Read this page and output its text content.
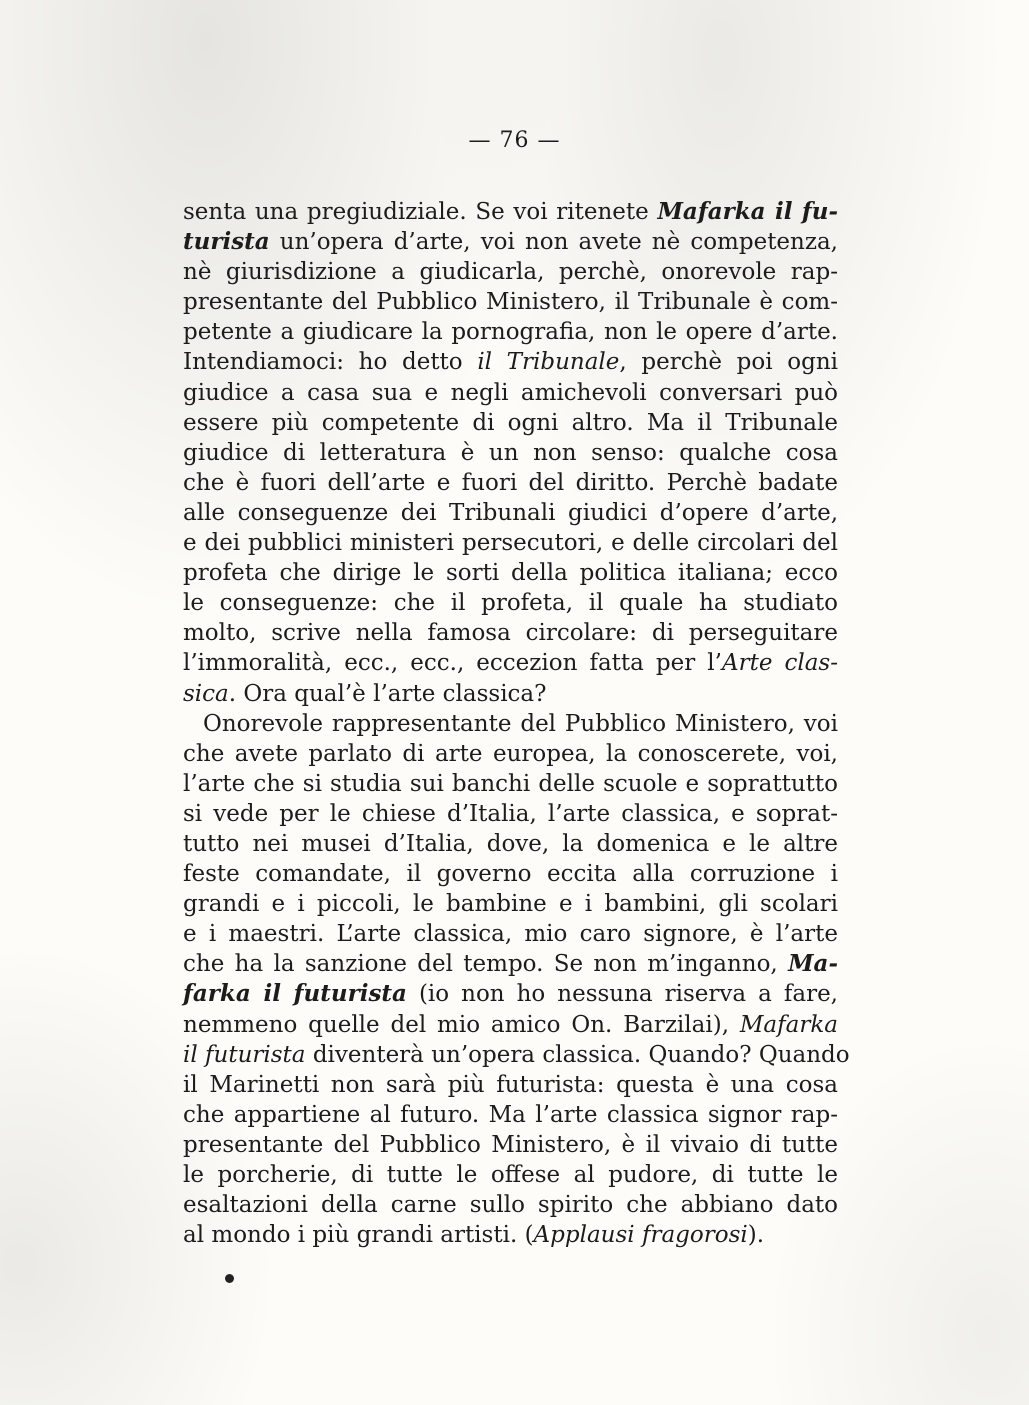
— 76 —
senta una pregiudiziale. Se voi ritenete Mafarka il fu-
turista un’opera d’arte, voi non avete nè competenza,
nè giurisdizione a giudicarla, perchè, onorevole rap-
presentante del Pubblico Ministero, il Tribunale è com-
petente a giudicare la pornografia, non le opere d’arte.
Intendiamoci: ho detto il Tribunale, perchè poi ogni
giudice a casa sua e negli amichevoli conversari può
essere più competente di ogni altro. Ma il Tribunale
giudice di letteratura è un non senso: qualche cosa
che è fuori dell’arte e fuori del diritto. Perchè badate
alle conseguenze dei Tribunali giudici d’opere d’arte,
e dei pubblici ministeri persecutori, e delle circolari del
profeta che dirige le sorti della politica italiana; ecco
le conseguenze: che il profeta, il quale ha studiato
molto, scrive nella famosa circolare: di perseguitare
l’immoralità, ecc., ecc., eccezion fatta per l’Arte clas-
sica. Ora qual’è l’arte classica?
Onorevole rappresentante del Pubblico Ministero, voi
che avete parlato di arte europea, la conoscerete, voi,
l’arte che si studia sui banchi delle scuole e soprattutto
si vede per le chiese d’Italia, l’arte classica, e soprat-
tutto nei musei d’Italia, dove, la domenica e le altre
feste comandate, il governo eccita alla corruzione i
grandi e i piccoli, le bambine e i bambini, gli scolari
e i maestri. L’arte classica, mio caro signore, è l’arte
che ha la sanzione del tempo. Se non m’inganno, Ma-
farka il futurista (io non ho nessuna riserva a fare,
nemmeno quelle del mio amico On. Barzilai), Mafarka
il futurista diventerà un’opera classica. Quando? Quando
il Marinetti non sarà più futurista: questa è una cosa
che appartiene al futuro. Ma l’arte classica signor rap-
presentante del Pubblico Ministero, è il vivaio di tutte
le porcherie, di tutte le offese al pudore, di tutte le
esaltazioni della carne sullo spirito che abbiano dato
al mondo i più grandi artisti. (Applausi fragorosi).
